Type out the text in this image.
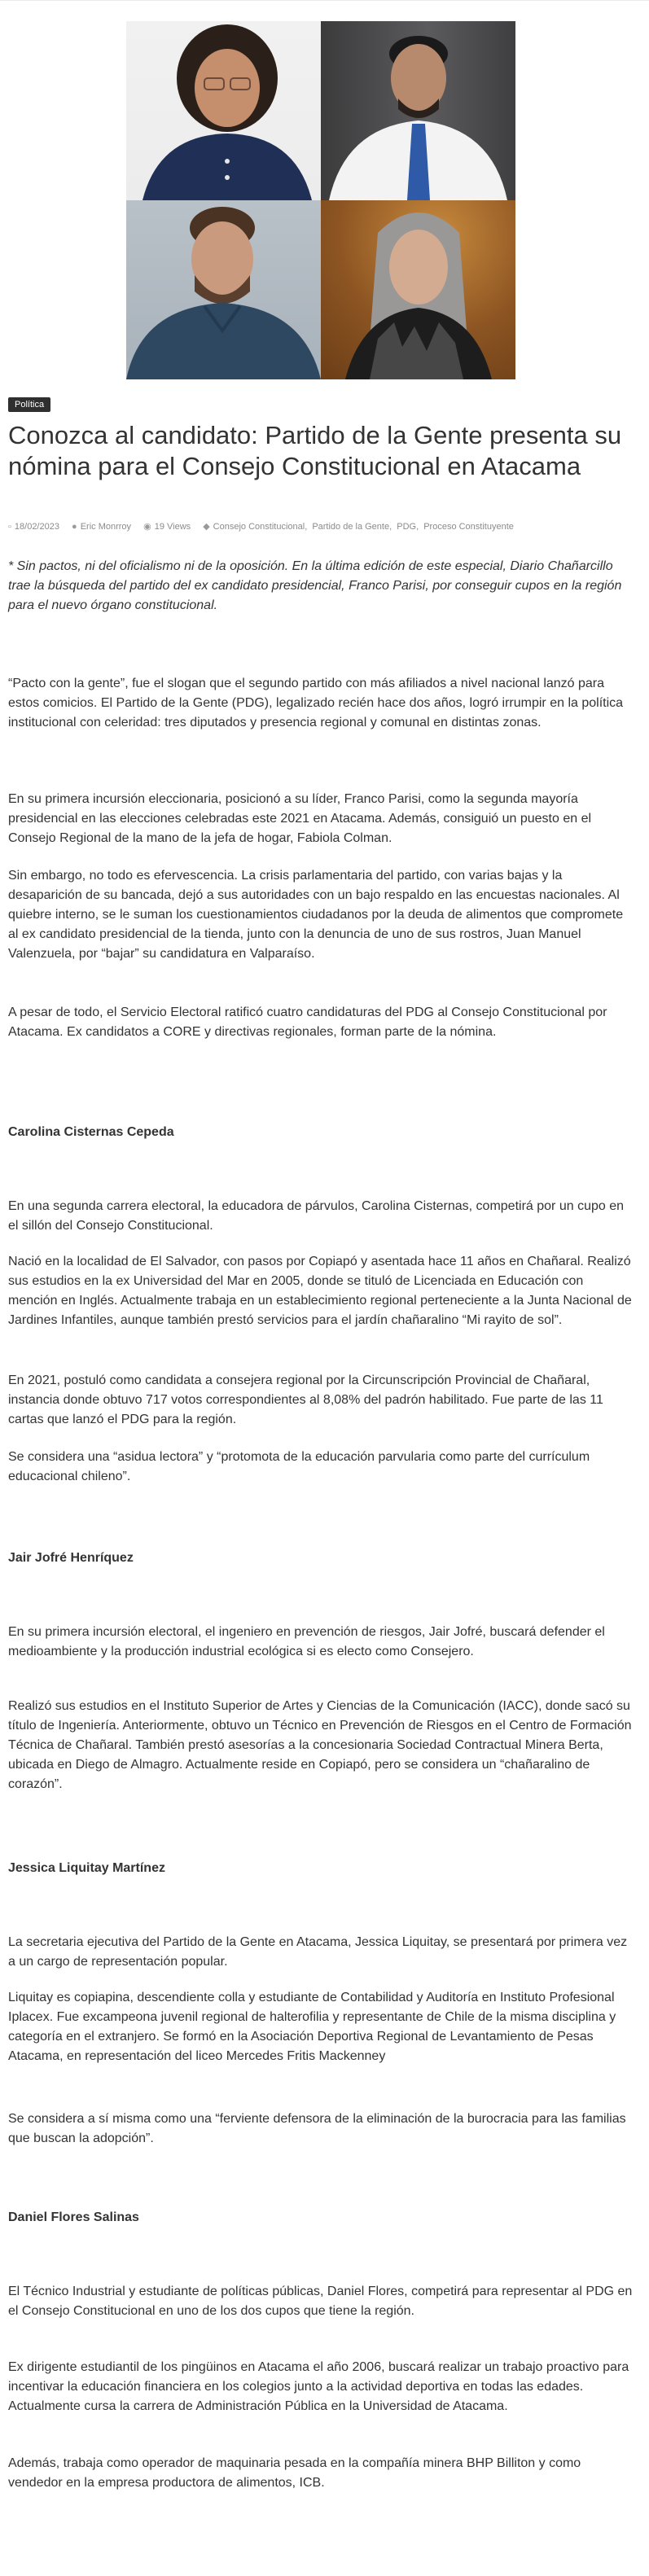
Política
Conozca al candidato: Partido de la Gente presenta su nómina para el Consejo Constitucional en Atacama
▫ 18/02/2023 ● Eric Monrroy ◉ 19 Views ◆ Consejo Constitucional, Partido de la Gente, PDG, Proceso Constituyente

* Sin pactos, ni del oficialismo ni de la oposición. En la última edición de este especial, Diario Chañarcillo trae la búsqueda del partido del ex candidato presidencial, Franco Parisi, por conseguir cupos en la región para el nuevo órgano constitucional.

“Pacto con la gente”, fue el slogan que el segundo partido con más afiliados a nivel nacional lanzó para estos comicios. El Partido de la Gente (PDG), legalizado recién hace dos años, logró irrumpir en la política institucional con celeridad: tres diputados y presencia regional y comunal en distintas zonas.

En su primera incursión eleccionaria, posicionó a su líder, Franco Parisi, como la segunda mayoría presidencial en las elecciones celebradas este 2021 en Atacama. Además, consiguió un puesto en el Consejo Regional de la mano de la jefa de hogar, Fabiola Colman.

Sin embargo, no todo es efervescencia. La crisis parlamentaria del partido, con varias bajas y la desaparición de su bancada, dejó a sus autoridades con un bajo respaldo en las encuestas nacionales. Al quiebre interno, se le suman los cuestionamientos ciudadanos por la deuda de alimentos que compromete al ex candidato presidencial de la tienda, junto con la denuncia de uno de sus rostros, Juan Manuel Valenzuela, por “bajar” su candidatura en Valparaíso.

A pesar de todo, el Servicio Electoral ratificó cuatro candidaturas del PDG al Consejo Constitucional por Atacama. Ex candidatos a CORE y directivas regionales, forman parte de la nómina.

Carolina Cisternas Cepeda

En una segunda carrera electoral, la educadora de párvulos, Carolina Cisternas, competirá por un cupo en el sillón del Consejo Constitucional.

Nació en la localidad de El Salvador, con pasos por Copiapó y asentada hace 11 años en Chañaral. Realizó sus estudios en la ex Universidad del Mar en 2005, donde se tituló de Licenciada en Educación con mención en Inglés. Actualmente trabaja en un establecimiento regional perteneciente a la Junta Nacional de Jardines Infantiles, aunque también prestó servicios para el jardín chañaralino “Mi rayito de sol”.

En 2021, postuló como candidata a consejera regional por la Circunscripción Provincial de Chañaral, instancia donde obtuvo 717 votos correspondientes al 8,08% del padrón habilitado. Fue parte de las 11 cartas que lanzó el PDG para la región.

Se considera una “asidua lectora” y “protomota de la educación parvularia como parte del currículum educacional chileno”.

Jair Jofré Henríquez

En su primera incursión electoral, el ingeniero en prevención de riesgos, Jair Jofré, buscará defender el medioambiente y la producción industrial ecológica si es electo como Consejero.

Realizó sus estudios en el Instituto Superior de Artes y Ciencias de la Comunicación (IACC), donde sacó su título de Ingeniería. Anteriormente, obtuvo un Técnico en Prevención de Riesgos en el Centro de Formación Técnica de Chañaral. También prestó asesorías a la concesionaria Sociedad Contractual Minera Berta, ubicada en Diego de Almagro. Actualmente reside en Copiapó, pero se considera un “chañaralino de corazón”.

Jessica Liquitay Martínez

La secretaria ejecutiva del Partido de la Gente en Atacama, Jessica Liquitay, se presentará por primera vez a un cargo de representación popular.

Liquitay es copiapina, descendiente colla y estudiante de Contabilidad y Auditoría en Instituto Profesional Iplacex. Fue excampeona juvenil regional de halterofilia y representante de Chile de la misma disciplina y categoría en el extranjero. Se formó en la Asociación Deportiva Regional de Levantamiento de Pesas Atacama, en representación del liceo Mercedes Fritis Mackenney

Se considera a sí misma como una “ferviente defensora de la eliminación de la burocracia para las familias que buscan la adopción”.

Daniel Flores Salinas

El Técnico Industrial y estudiante de políticas públicas, Daniel Flores, competirá para representar al PDG en el Consejo Constitucional en uno de los dos cupos que tiene la región.

Ex dirigente estudiantil de los pingüinos en Atacama el año 2006, buscará realizar un trabajo proactivo para incentivar la educación financiera en los colegios junto a la actividad deportiva en todas las edades. Actualmente cursa la carrera de Administración Pública en la Universidad de Atacama.

Además, trabaja como operador de maquinaria pesada en la compañía minera BHP Billiton y como vendedor en la empresa productora de alimentos, ICB.
